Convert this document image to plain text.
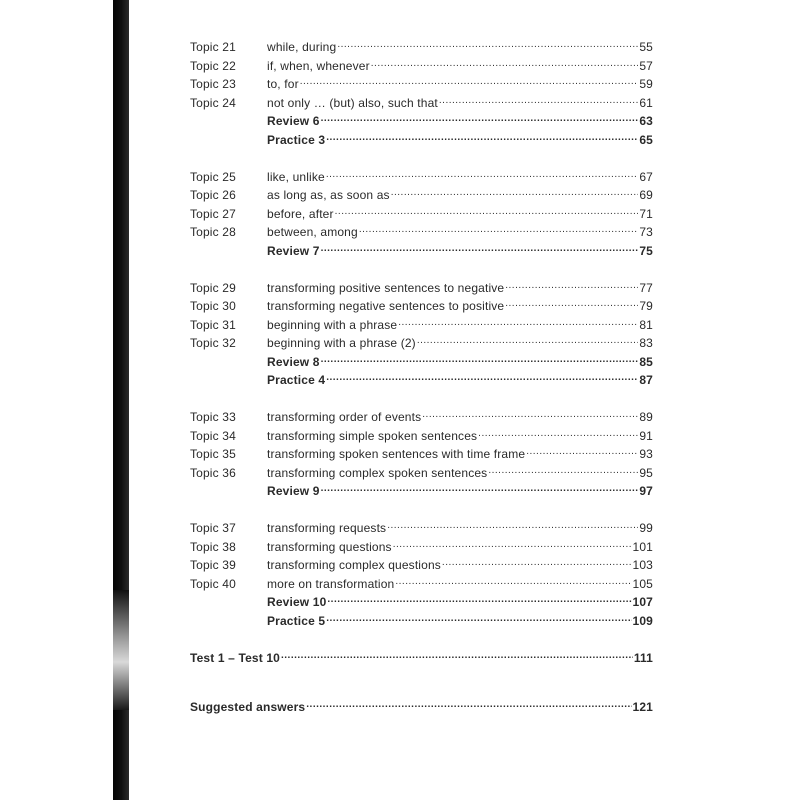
Topic 21	while, during .....	55
Topic 22	if, when, whenever .....	57
Topic 23	to, for .....	59
Topic 24	not only … (but) also, such that .....	61
Review 6 .....	63
Practice 3 .....	65
Topic 25	like, unlike .....	67
Topic 26	as long as, as soon as .....	69
Topic 27	before, after .....	71
Topic 28	between, among .....	73
Review 7 .....	75
Topic 29	transforming positive sentences to negative .....	77
Topic 30	transforming negative sentences to positive .....	79
Topic 31	beginning with a phrase .....	81
Topic 32	beginning with a phrase (2) .....	83
Review 8 .....	85
Practice 4 .....	87
Topic 33	transforming order of events .....	89
Topic 34	transforming simple spoken sentences .....	91
Topic 35	transforming spoken sentences with time frame .....	93
Topic 36	transforming complex spoken sentences .....	95
Review 9 .....	97
Topic 37	transforming requests .....	99
Topic 38	transforming questions .....	101
Topic 39	transforming complex questions .....	103
Topic 40	more on transformation .....	105
Review 10 .....	107
Practice 5 .....	109
Test 1 – Test 10 .....	111
Suggested answers .....	121
